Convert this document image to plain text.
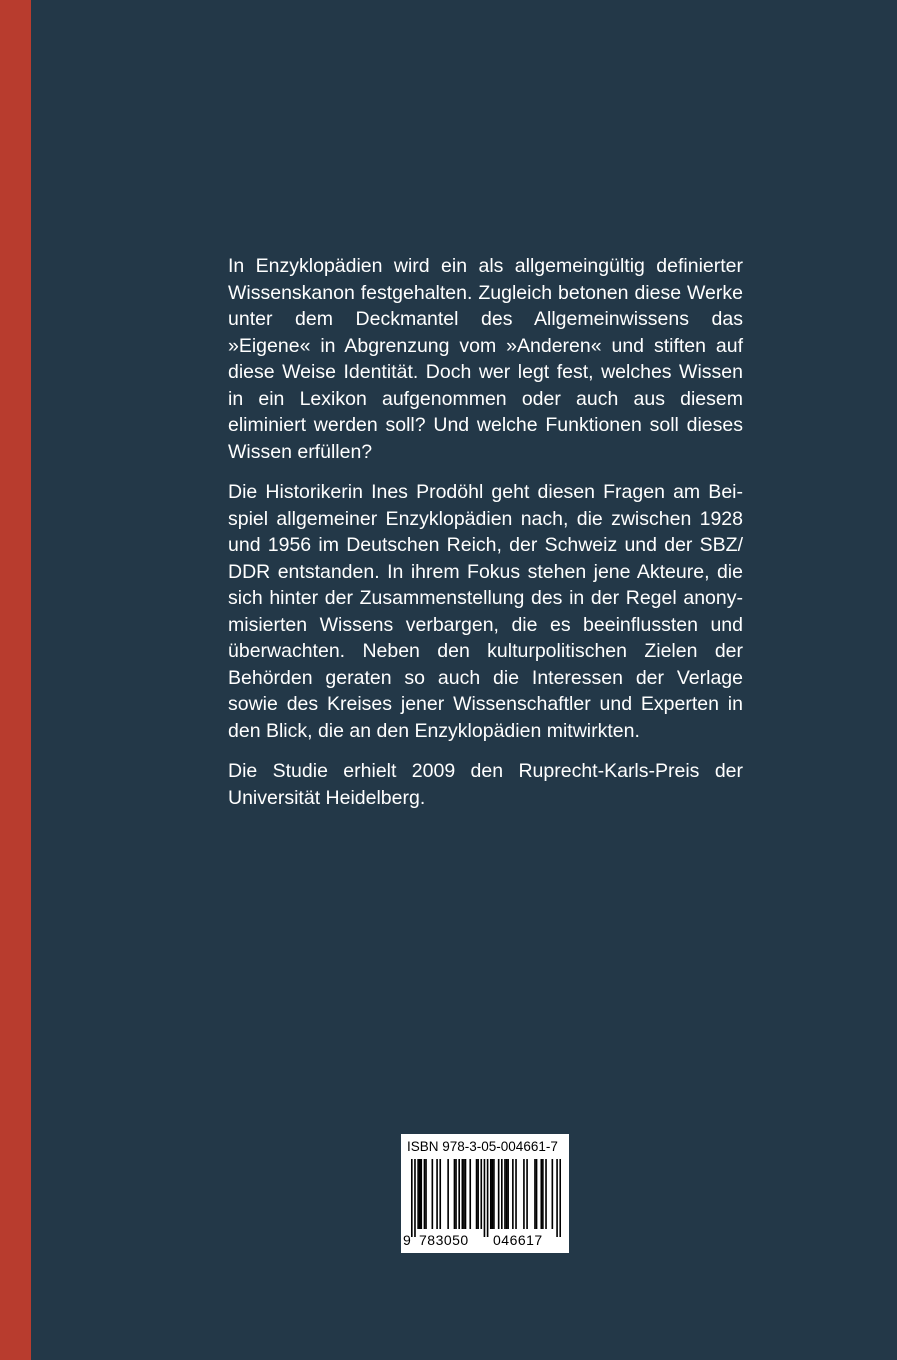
In Enzyklopädien wird ein als allgemeingültig definierter Wissenskanon festgehalten. Zugleich betonen diese Werke unter dem Deckmantel des Allgemeinwissens das »Eigene« in Abgrenzung vom »Anderen« und stiften auf diese Weise Identität. Doch wer legt fest, welches Wissen in ein Lexikon aufgenommen oder auch aus diesem eliminiert werden soll? Und welche Funktionen soll dieses Wissen erfüllen?

Die Historikerin Ines Prodöhl geht diesen Fragen am Beispiel allgemeiner Enzyklopädien nach, die zwischen 1928 und 1956 im Deutschen Reich, der Schweiz und der SBZ/​DDR entstanden. In ihrem Fokus stehen jene Akteure, die sich hinter der Zusammenstellung des in der Regel anonymisierten Wissens verbargen, die es beeinflussten und überwachten. Neben den kulturpolitischen Zielen der Behörden geraten so auch die Interessen der Verlage sowie des Kreises jener Wissenschaftler und Experten in den Blick, die an den Enzyklopädien mitwirkten.

Die Studie erhielt 2009 den Ruprecht-Karls-Preis der Universität Heidelberg.

ISBN 978-3-05-004661-7
9 783050 046617
